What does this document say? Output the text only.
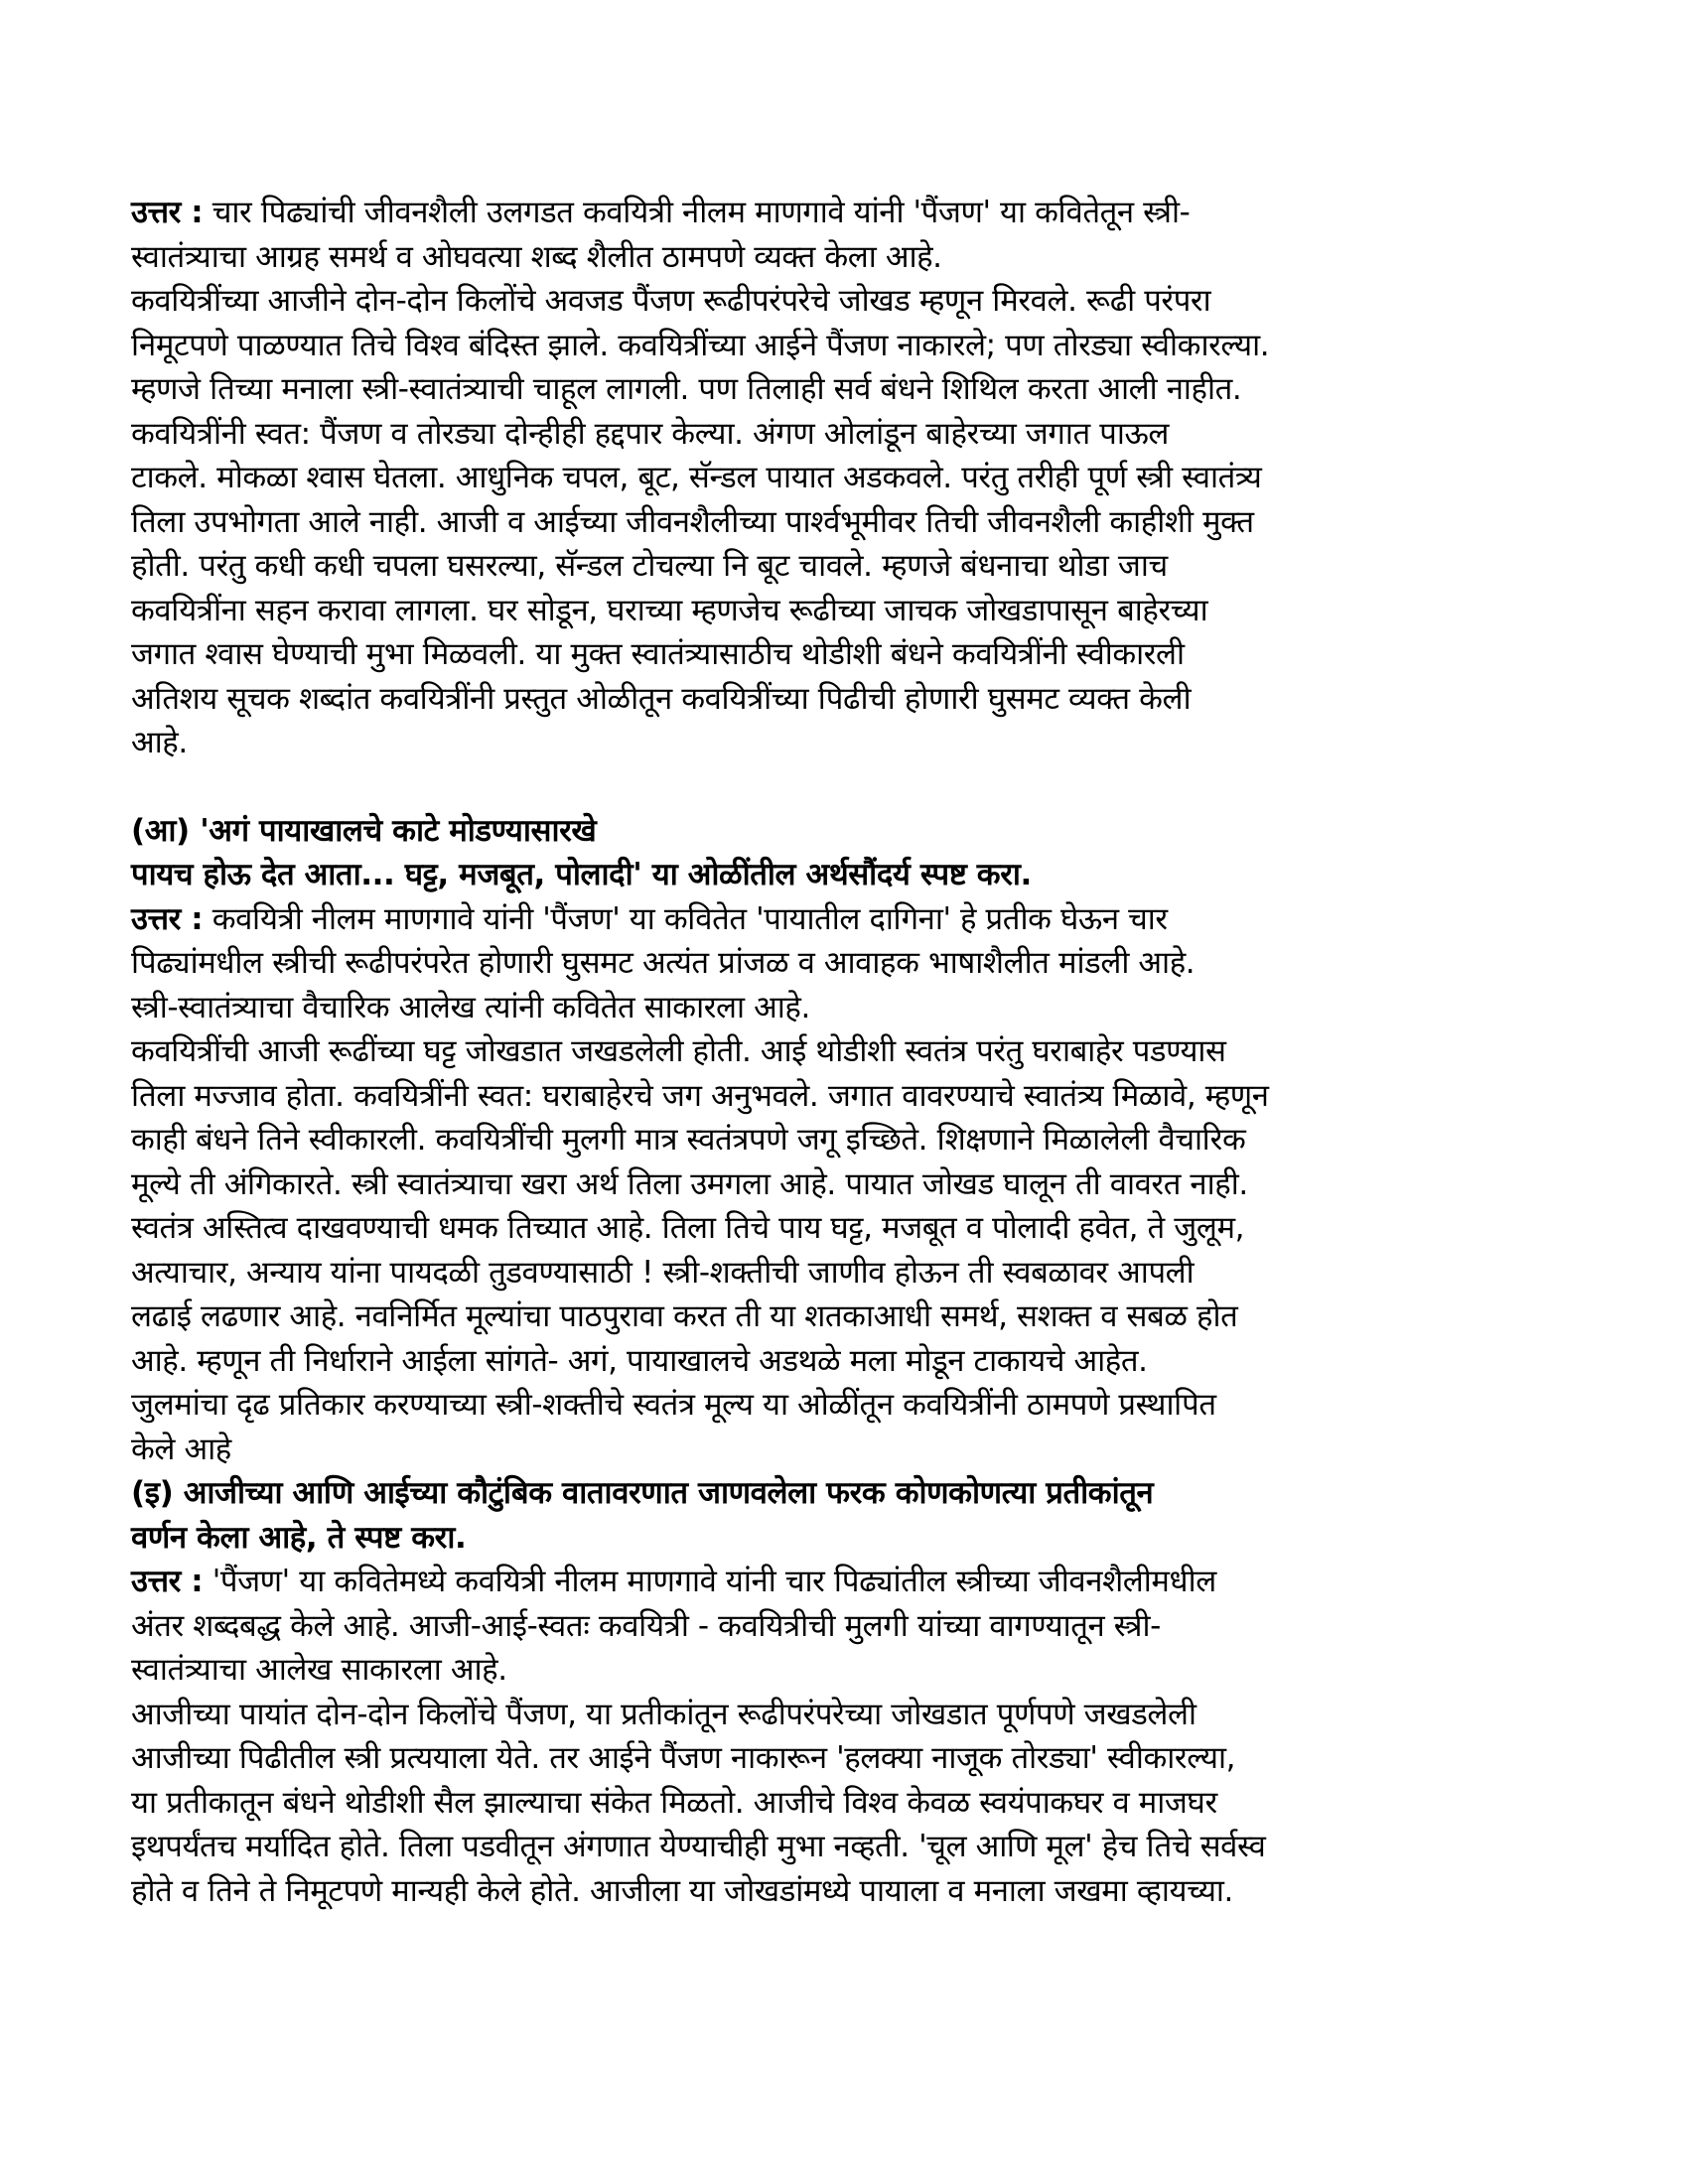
उत्तर : चार पिढ्यांची जीवनशैली उलगडत कवयित्री नीलम माणगावे यांनी 'पैंजण' या कवितेतून स्त्री-

स्वातंत्र्याचा आग्रह समर्थ व ओघवत्या शब्द शैलीत ठामपणे व्यक्त केला आहे.

कवयित्रींच्या आजीने दोन-दोन किलोंचे अवजड पैंजण रूढीपरंपरेचे जोखड म्हणून मिरवले. रूढी परंपरा

निमूटपणे पाळण्यात तिचे विश्व बंदिस्त झाले. कवयित्रींच्या आईने पैंजण नाकारले; पण तोरड्या स्वीकारल्या.

म्हणजे तिच्या मनाला स्त्री-स्वातंत्र्याची चाहूल लागली. पण तिलाही सर्व बंधने शिथिल करता आली नाहीत.

कवयित्रींनी स्वत: पैंजण व तोरड्या दोन्हीही हद्दपार केल्या. अंगण ओलांडून बाहेरच्या जगात पाऊल

टाकले. मोकळा श्वास घेतला. आधुनिक चपल, बूट, सॅन्डल पायात अडकवले. परंतु तरीही पूर्ण स्त्री स्वातंत्र्य

तिला उपभोगता आले नाही. आजी व आईच्या जीवनशैलीच्या पार्श्वभूमीवर तिची जीवनशैली काहीशी मुक्त

होती. परंतु कधी कधी चपला घसरल्या, सॅन्डल टोचल्या नि बूट चावले. म्हणजे बंधनाचा थोडा जाच

कवयित्रींना सहन करावा लागला. घर सोडून, घराच्या म्हणजेच रूढीच्या जाचक जोखडापासून बाहेरच्या

जगात श्वास घेण्याची मुभा मिळवली. या मुक्त स्वातंत्र्यासाठीच थोडीशी बंधने कवयित्रींनी स्वीकारली

अतिशय सूचक शब्दांत कवयित्रींनी प्रस्तुत ओळीतून कवयित्रींच्या पिढीची होणारी घुसमट व्यक्त केली

आहे.

(आ) 'अगं पायाखालचे काटे मोडण्यासारखे

पायच होऊ देत आता... घट्ट, मजबूत, पोलादी' या ओळींतील अर्थसौंदर्य स्पष्ट करा.

उत्तर : कवयित्री नीलम माणगावे यांनी 'पैंजण' या कवितेत 'पायातील दागिना' हे प्रतीक घेऊन चार

पिढ्यांमधील स्त्रीची रूढीपरंपरेत होणारी घुसमट अत्यंत प्रांजळ व आवाहक भाषाशैलीत मांडली आहे.

स्त्री-स्वातंत्र्याचा वैचारिक आलेख त्यांनी कवितेत साकारला आहे.

कवयित्रींची आजी रूढींच्या घट्ट जोखडात जखडलेली होती. आई थोडीशी स्वतंत्र परंतु घराबाहेर पडण्यास

तिला मज्जाव होता. कवयित्रींनी स्वत: घराबाहेरचे जग अनुभवले. जगात वावरण्याचे स्वातंत्र्य मिळावे, म्हणून

काही बंधने तिने स्वीकारली. कवयित्रींची मुलगी मात्र स्वतंत्रपणे जगू इच्छिते. शिक्षणाने मिळालेली वैचारिक

मूल्ये ती अंगिकारते. स्त्री स्वातंत्र्याचा खरा अर्थ तिला उमगला आहे. पायात जोखड घालून ती वावरत नाही.

स्वतंत्र अस्तित्व दाखवण्याची धमक तिच्यात आहे. तिला तिचे पाय घट्ट, मजबूत व पोलादी हवेत, ते जुलूम,

अत्याचार, अन्याय यांना पायदळी तुडवण्यासाठी ! स्त्री-शक्तीची जाणीव होऊन ती स्वबळावर आपली

लढाई लढणार आहे. नवनिर्मित मूल्यांचा पाठपुरावा करत ती या शतकाआधी समर्थ, सशक्त व सबळ होत

आहे. म्हणून ती निर्धाराने आईला सांगते- अगं, पायाखालचे अडथळे मला मोडून टाकायचे आहेत.

जुलमांचा दृढ प्रतिकार करण्याच्या स्त्री-शक्तीचे स्वतंत्र मूल्य या ओळींतून कवयित्रींनी ठामपणे प्रस्थापित

केले आहे

(इ) आजीच्या आणि आईच्या कौटुंबिक वातावरणात जाणवलेला फरक कोणकोणत्या प्रतीकांतून

वर्णन केला आहे, ते स्पष्ट करा.

उत्तर : 'पैंजण' या कवितेमध्ये कवयित्री नीलम माणगावे यांनी चार पिढ्यांतील स्त्रीच्या जीवनशैलीमधील

अंतर शब्दबद्ध केले आहे. आजी-आई-स्वतः कवयित्री - कवयित्रीची मुलगी यांच्या वागण्यातून स्त्री-

स्वातंत्र्याचा आलेख साकारला आहे.

आजीच्या पायांत दोन-दोन किलोंचे पैंजण, या प्रतीकांतून रूढीपरंपरेच्या जोखडात पूर्णपणे जखडलेली

आजीच्या पिढीतील स्त्री प्रत्ययाला येते. तर आईने पैंजण नाकारून 'हलक्या नाजूक तोरड्या' स्वीकारल्या,

या प्रतीकातून बंधने थोडीशी सैल झाल्याचा संकेत मिळतो. आजीचे विश्व केवळ स्वयंपाकघर व माजघर

इथपर्यंतच मर्यादित होते. तिला पडवीतून अंगणात येण्याचीही मुभा नव्हती. 'चूल आणि मूल' हेच तिचे सर्वस्व

होते व तिने ते निमूटपणे मान्यही केले होते. आजीला या जोखडांमध्ये पायाला व मनाला जखमा व्हायच्या.
